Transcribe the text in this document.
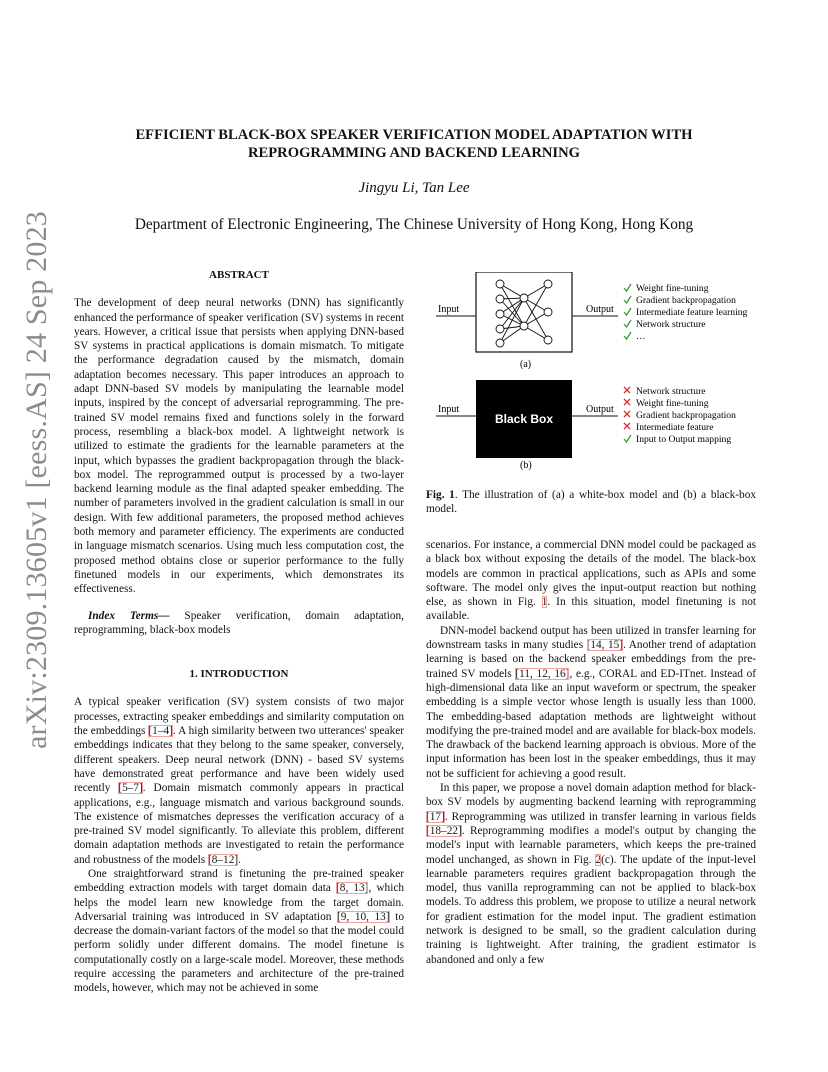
arXiv:2309.13605v1 [eess.AS] 24 Sep 2023
EFFICIENT BLACK-BOX SPEAKER VERIFICATION MODEL ADAPTATION WITH REPROGRAMMING AND BACKEND LEARNING
Jingyu Li, Tan Lee
Department of Electronic Engineering, The Chinese University of Hong Kong, Hong Kong

ABSTRACT

The development of deep neural networks (DNN) has significantly enhanced the performance of speaker verification (SV) systems in recent years. However, a critical issue that persists when applying DNN-based SV systems in practical applications is domain mismatch. To mitigate the performance degradation caused by the mismatch, domain adaptation becomes necessary. This paper introduces an approach to adapt DNN-based SV models by manipulating the learnable model inputs, inspired by the concept of adversarial reprogramming. The pre-trained SV model remains fixed and functions solely in the forward process, resembling a black-box model. A lightweight network is utilized to estimate the gradients for the learnable parameters at the input, which bypasses the gradient backpropagation through the black-box model. The reprogrammed output is processed by a two-layer backend learning module as the final adapted speaker embedding. The number of parameters involved in the gradient calculation is small in our design. With few additional parameters, the proposed method achieves both memory and parameter efficiency. The experiments are conducted in language mismatch scenarios. Using much less computation cost, the proposed method obtains close or superior performance to the fully finetuned models in our experiments, which demonstrates its effectiveness.

Index Terms— Speaker verification, domain adaptation, reprogramming, black-box models

1. INTRODUCTION

A typical speaker verification (SV) system consists of two major processes, extracting speaker embeddings and similarity computation on the embeddings [1–4]. A high similarity between two utterances' speaker embeddings indicates that they belong to the same speaker, conversely, different speakers. Deep neural network (DNN) - based SV systems have demonstrated great performance and have been widely used recently [5–7]. Domain mismatch commonly appears in practical applications, e.g., language mismatch and various background sounds. The existence of mismatches depresses the verification accuracy of a pre-trained SV model significantly. To alleviate this problem, different domain adaptation methods are investigated to retain the performance and robustness of the models [8–12].

One straightforward strand is finetuning the pre-trained speaker embedding extraction models with target domain data [8, 13], which helps the model learn new knowledge from the target domain. Adversarial training was introduced in SV adaptation [9, 10, 13] to decrease the domain-variant factors of the model so that the model could perform solidly under different domains. The model finetune is computationally costly on a large-scale model. Moreover, these methods require accessing the parameters and architecture of the pre-trained models, however, which may not be achieved in some

Input	Output
(a)
Weight fine-tuning
Gradient backpropagation
Intermediate feature learning
Network structure
…
Black Box
Input	Output
(b)
Network structure
Weight fine-tuning
Gradient backpropagation
Intermediate feature
Input to Output mapping
Fig. 1. The illustration of (a) a white-box model and (b) a black-box model.

scenarios. For instance, a commercial DNN model could be packaged as a black box without exposing the details of the model. The black-box models are common in practical applications, such as APIs and some software. The model only gives the input-output reaction but nothing else, as shown in Fig. 1. In this situation, model finetuning is not available.

DNN-model backend output has been utilized in transfer learning for downstream tasks in many studies [14, 15]. Another trend of adaptation learning is based on the backend speaker embeddings from the pre-trained SV models [11, 12, 16], e.g., CORAL and ED-ITnet. Instead of high-dimensional data like an input waveform or spectrum, the speaker embedding is a simple vector whose length is usually less than 1000. The embedding-based adaptation methods are lightweight without modifying the pre-trained model and are available for black-box models. The drawback of the backend learning approach is obvious. More of the input information has been lost in the speaker embeddings, thus it may not be sufficient for achieving a good result.

In this paper, we propose a novel domain adaption method for black-box SV models by augmenting backend learning with reprogramming [17]. Reprogramming was utilized in transfer learning in various fields [18–22]. Reprogramming modifies a model's output by changing the model's input with learnable parameters, which keeps the pre-trained model unchanged, as shown in Fig. 2(c). The update of the input-level learnable parameters requires gradient backpropagation through the model, thus vanilla reprogramming can not be applied to black-box models. To address this problem, we propose to utilize a neural network for gradient estimation for the model input. The gradient estimation network is designed to be small, so the gradient calculation during training is lightweight. After training, the gradient estimator is abandoned and only a few
